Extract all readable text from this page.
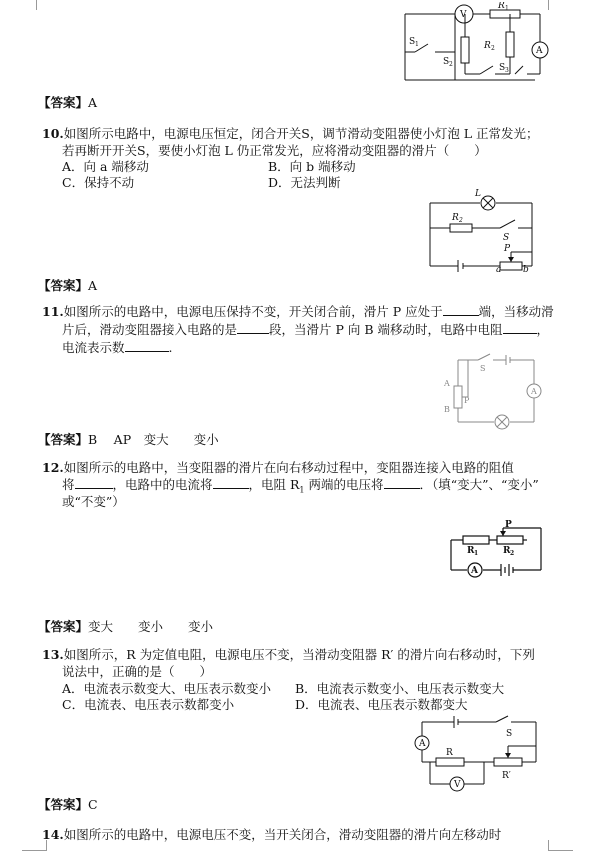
V
A
R 1
R 2
S 1
S 2	S 3
【答案】A
10.如图所示电路中，电源电压恒定，闭合开关S，调节滑动变阻器使小灯泡 L 正常发光；
若再断开开关S，要使小灯泡 L 仍正常发光，应将滑动变阻器的滑片（　　）
A．向 a 端移动	B．向 b 端移动
C．保持不动	D．无法判断
L
R 2
S
P
a b
【答案】A
11.如图所示的电路中，电源电压保持不变，开关闭合前，滑片 P 应处于	端，当移动滑
片后，滑动变阻器接入电路的是	段，当滑片 P 向 B 端移动时，电路中电阻	，
电流表示数	.
S
A
B
P
A
【答案】B　 AP　变大　　变小
12.如图所示的电路中，当变阻器的滑片在向右移动过程中，变阻器连接入电路的阻值
将	，电路中的电流将	，电阻 $R_1$ 两端的电压将	．（填“变大”、“变小”
或“不变”）
P
R 1	R 2
A
【答案】变大　　变小　　变小
13.如图所示，R 为定值电阻，电源电压不变，当滑动变阻器 R′ 的滑片向右移动时，下列
说法中，正确的是（　　）
A．电流表示数变大、电压表示数变小 B．电流表示数变小、电压表示数变大
C．电流表、电压表示数都变小	D．电流表、电压表示数都变大
A
S
R
R′
V
【答案】C
14.如图所示的电路中，电源电压不变，当开关闭合，滑动变阻器的滑片向左移动时
